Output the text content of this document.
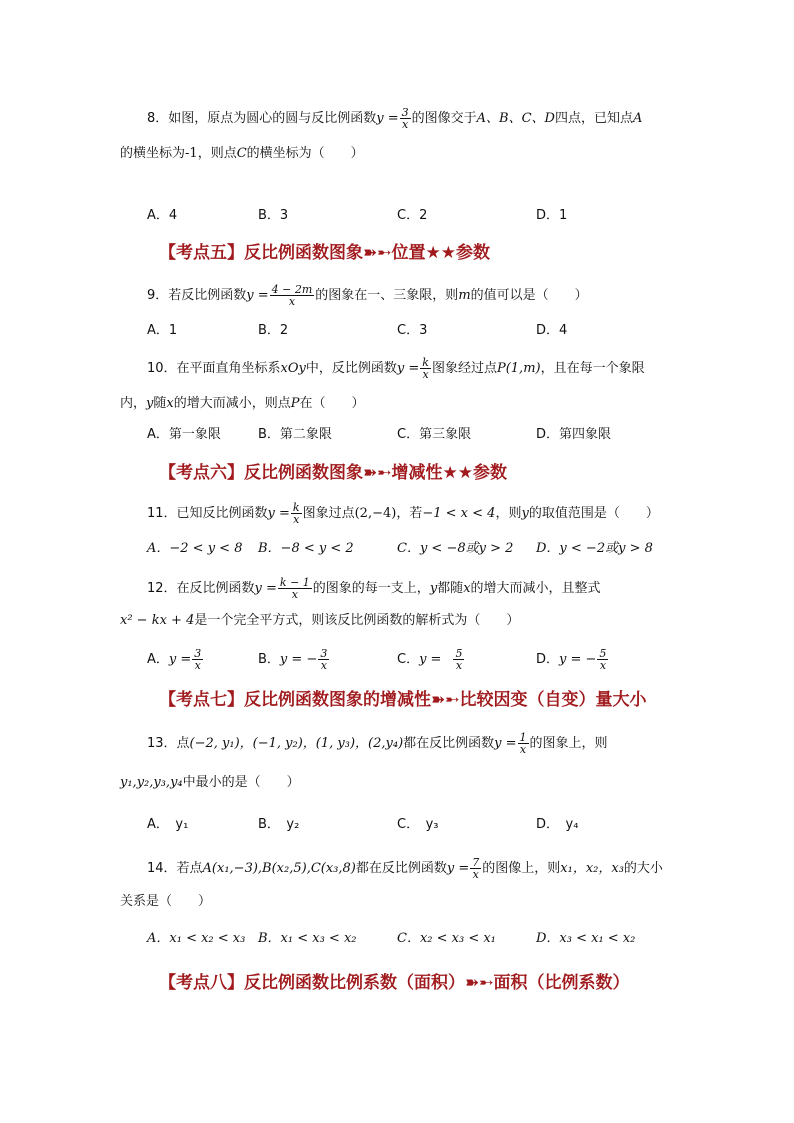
8．如图，原点为圆心的圆与反比例函数$y = \frac{3}{x}$ 的图像交于A、B、C、D四点，已知点A
的横坐标为-1，则点C的横坐标为（　　）
A．4	B．3	C．2	D．1
【考点五】反比例函数图象➽➸位置★★参数
9．若反比例函数$y = \frac{4 - 2m}{x}$ 的图象在一、三象限，则m的值可以是（　　）
A．1	B．2	C．3	D．4
10．在平面直角坐标系xOy中，反比例函数$y = \frac{k}{x}$ 图象经过点P(1,m)，且在每一个象限
内，y随x的增大而减小，则点P在（　　）
A．第一象限	B．第二象限	C．第三象限	D．第四象限
【考点六】反比例函数图象➽➸增减性★★参数
11．已知反比例函数$y = \frac{k}{x}$ 图象过点(2,−4)，若−1 < x < 4，则y的取值范围是（　　）
A．−2 < y < 8 B．−8 < y < 2	C．y < −8或y > 2 D．y < −2或y > 8
12．在反比例函数$y = \frac{k - 1}{x}$ 的图象的每一支上，y都随x的增大而减小，且整式
x² − kx + 4是一个完全平方式，则该反比例函数的解析式为（　　）
A．$y = \frac{3}{x}$	B．y = − $\frac{3}{x}$	C．$y = \frac{5}{x}$	D．y = − $\frac{5}{x}$
【考点七】反比例函数图象的增减性➽➸比较因变（自变）量大小
13．点(−2, y₁)，(−1, y₂)，(1, y₃)，(2,y₄)都在反比例函数$y = \frac{1}{x}$ 的图象上，则
y₁,y₂,y₃,y₄中最小的是（　　）
A．　y₁	B．　y₂	C．　y₃	D．　y₄
14．若点A(x₁,−3),B(x₂,5),C(x₃,8)都在反比例函数$y = \frac{7}{x}$ 的图像上，则x₁，x₂，x₃的大小
关系是（　　）
A．x₁ < x₂ < x₃ B．x₁ < x₃ < x₂	C．x₂ < x₃ < x₁	D．x₃ < x₁ < x₂
【考点八】反比例函数比例系数（面积）➽➸面积（比例系数）
